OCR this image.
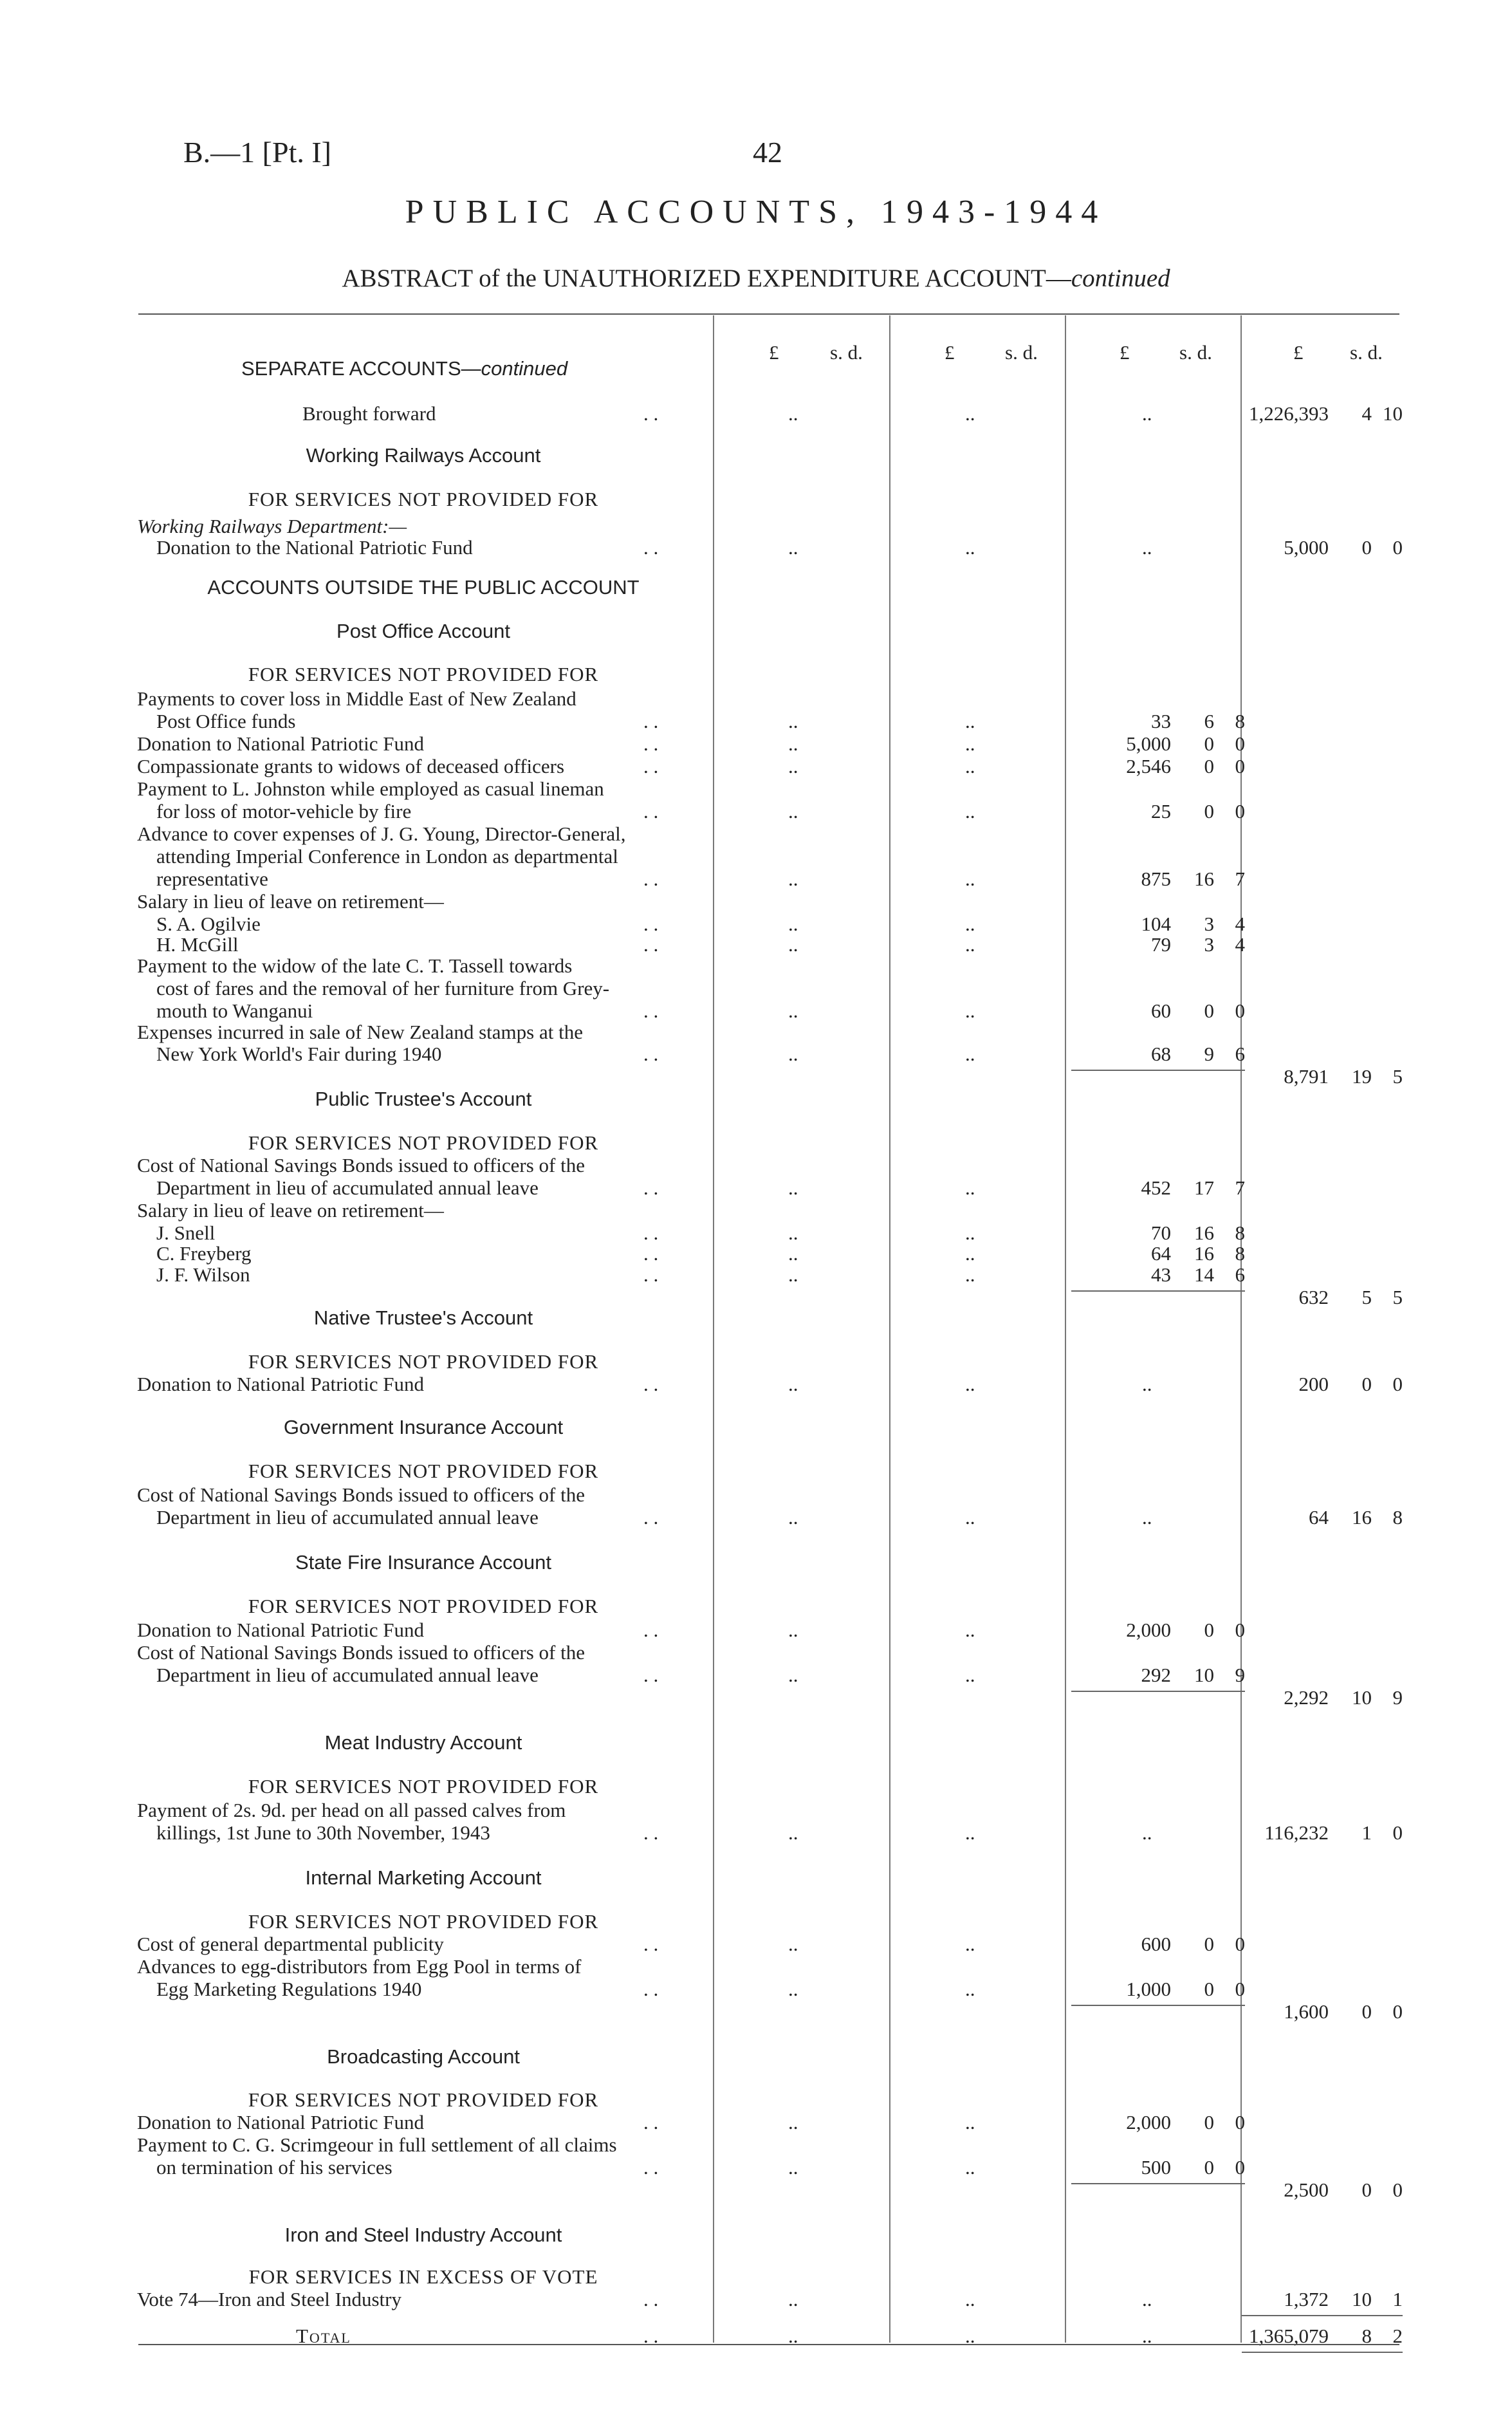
B.—1 [Pt. I]	42
PUBLIC ACCOUNTS, 1943-1944
ABSTRACT of the UNAUTHORIZED EXPENDITURE ACCOUNT—continued
SEPARATE ACCOUNTS—continued
£	s. d.	£	s. d.	£	s. d.	£ s. d.
Brought forward	. .	..	..	..	1,226,393 4 10
Working Railways Account
FOR SERVICES NOT PROVIDED FOR
Working Railways Department:—
Donation to the National Patriotic Fund	. .	..	..	..	5,000 0 0
ACCOUNTS OUTSIDE THE PUBLIC ACCOUNT
Post Office Account
FOR SERVICES NOT PROVIDED FOR
Payments to cover loss in Middle East of New Zealand
Post Office funds	. .	..	..	33 6 8
Donation to National Patriotic Fund	. .	..	..	5,000 0 0
Compassionate grants to widows of deceased officers	. .	..	..	2,546 0 0
Payment to L. Johnston while employed as casual lineman
for loss of motor-vehicle by fire	. .	..	..	25 0 0
Advance to cover expenses of J. G. Young, Director-General,
attending Imperial Conference in London as departmental
representative	. .	..	..	875 16 7
Salary in lieu of leave on retirement—
S. A. Ogilvie	. .	..	..	104 3 4
H. McGill	. .	..	..	79 3 4
Payment to the widow of the late C. T. Tassell towards
cost of fares and the removal of her furniture from Grey-
mouth to Wanganui	. .	..	..	60 0 0
Expenses incurred in sale of New Zealand stamps at the
New York World's Fair during 1940	. .	..	..	68 9 6
8,791 19 5
Public Trustee's Account
FOR SERVICES NOT PROVIDED FOR
Cost of National Savings Bonds issued to officers of the
Department in lieu of accumulated annual leave	. .	..	..	452 17 7
Salary in lieu of leave on retirement—
J. Snell	. .	..	..	70 16 8
C. Freyberg	. .	..	..	64 16 8
J. F. Wilson	. .	..	..	43 14 6
632 5 5
Native Trustee's Account
FOR SERVICES NOT PROVIDED FOR
Donation to National Patriotic Fund	. .	..	..	..	200 0 0
Government Insurance Account
FOR SERVICES NOT PROVIDED FOR
Cost of National Savings Bonds issued to officers of the
Department in lieu of accumulated annual leave	. .	..	..	..	64 16 8
State Fire Insurance Account
FOR SERVICES NOT PROVIDED FOR
Donation to National Patriotic Fund	. .	..	..	2,000 0 0
Cost of National Savings Bonds issued to officers of the
Department in lieu of accumulated annual leave	. .	..	..	292 10 9
2,292 10 9
Meat Industry Account
FOR SERVICES NOT PROVIDED FOR
Payment of 2s. 9d. per head on all passed calves from
killings, 1st June to 30th November, 1943	. .	..	..	..	116,232 1 0
Internal Marketing Account
FOR SERVICES NOT PROVIDED FOR
Cost of general departmental publicity	. .	..	..	600 0 0
Advances to egg-distributors from Egg Pool in terms of
Egg Marketing Regulations 1940	. .	..	..	1,000 0 0
1,600 0 0
Broadcasting Account
FOR SERVICES NOT PROVIDED FOR
Donation to National Patriotic Fund	. .	..	..	2,000 0 0
Payment to C. G. Scrimgeour in full settlement of all claims
on termination of his services	. .	..	..	500 0 0
2,500 0 0
Iron and Steel Industry Account
FOR SERVICES IN EXCESS OF VOTE
Vote 74—Iron and Steel Industry	. .	..	..	..	1,372 10 1
Total	. .	..	..	..	1,365,079 8 2
